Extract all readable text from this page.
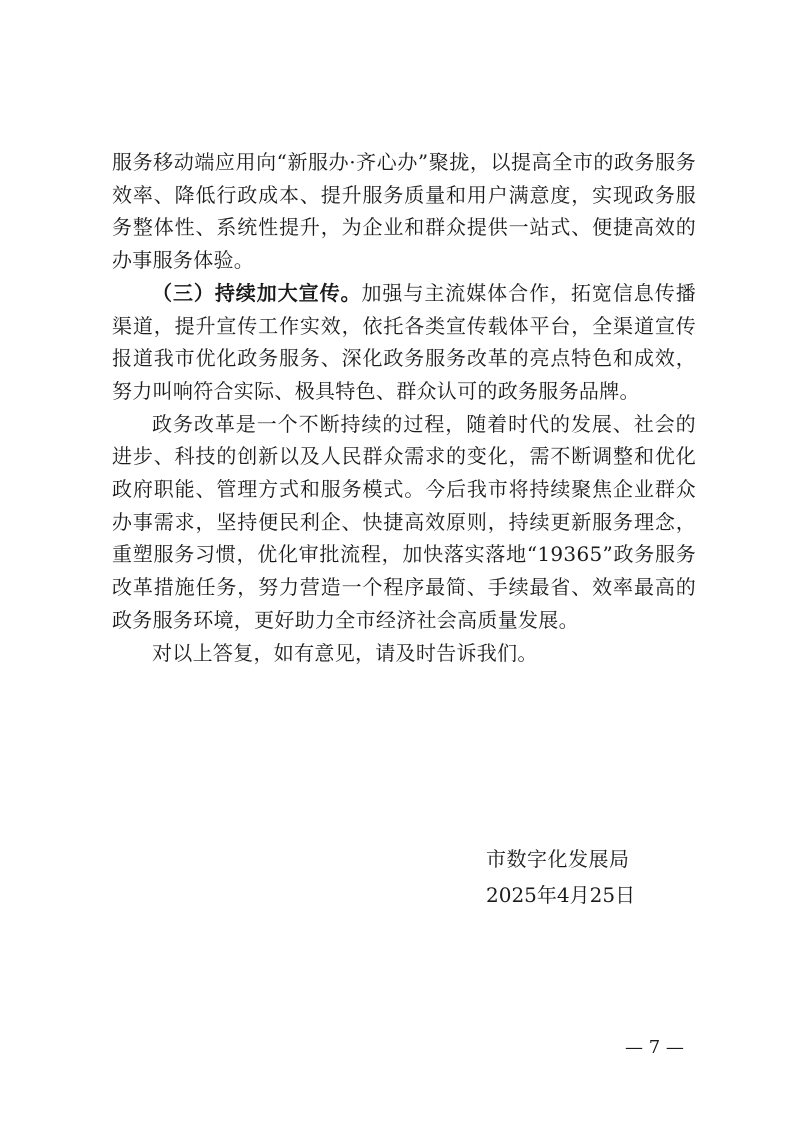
服务移动端应用向“新服办·齐心办”聚拢，以提高全市的政务服务效率、降低行政成本、提升服务质量和用户满意度，实现政务服务整体性、系统性提升，为企业和群众提供一站式、便捷高效的办事服务体验。

（三）持续加大宣传。加强与主流媒体合作，拓宽信息传播渠道，提升宣传工作实效，依托各类宣传载体平台，全渠道宣传报道我市优化政务服务、深化政务服务改革的亮点特色和成效，努力叫响符合实际、极具特色、群众认可的政务服务品牌。

政务改革是一个不断持续的过程，随着时代的发展、社会的进步、科技的创新以及人民群众需求的变化，需不断调整和优化政府职能、管理方式和服务模式。今后我市将持续聚焦企业群众办事需求，坚持便民利企、快捷高效原则，持续更新服务理念，重塑服务习惯，优化审批流程，加快落实落地“19365”政务服务改革措施任务，努力营造一个程序最简、手续最省、效率最高的政务服务环境，更好助力全市经济社会高质量发展。

对以上答复，如有意见，请及时告诉我们。

市数字化发展局
2025年4月25日
— 7 —
